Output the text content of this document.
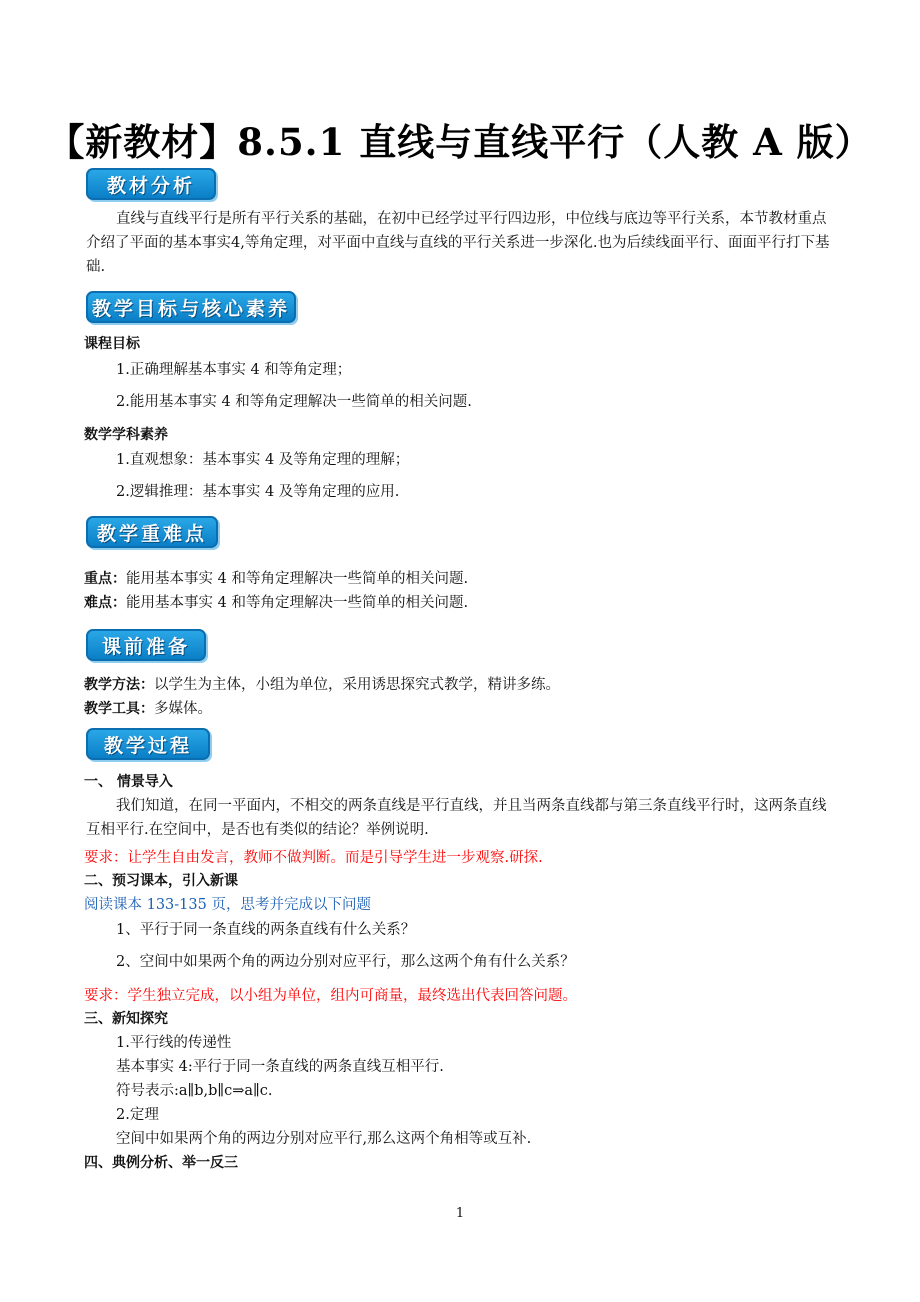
【新教材】8.5.1 直线与直线平行（人教 A 版）
教材分析
直线与直线平行是所有平行关系的基础，在初中已经学过平行四边形，中位线与底边等平行关系，本节教材重点介绍了平面的基本事实4,等角定理，对平面中直线与直线的平行关系进一步深化.也为后续线面平行、面面平行打下基础.
教学目标与核心素养
课程目标
1.正确理解基本事实 4 和等角定理；
2.能用基本事实 4 和等角定理解决一些简单的相关问题.
数学学科素养
1.直观想象：基本事实 4 及等角定理的理解；
2.逻辑推理：基本事实 4 及等角定理的应用.
教学重难点
重点：能用基本事实 4 和等角定理解决一些简单的相关问题.
难点：能用基本事实 4 和等角定理解决一些简单的相关问题.
课前准备
教学方法：以学生为主体，小组为单位，采用诱思探究式教学，精讲多练。
教学工具：多媒体。
教学过程
一、 情景导入
我们知道，在同一平面内，不相交的两条直线是平行直线，并且当两条直线都与第三条直线平行时，这两条直线互相平行.在空间中，是否也有类似的结论？举例说明.
要求：让学生自由发言，教师不做判断。而是引导学生进一步观察.研探.
二、预习课本，引入新课
阅读课本 133-135 页，思考并完成以下问题
1、平行于同一条直线的两条直线有什么关系？
2、空间中如果两个角的两边分别对应平行，那么这两个角有什么关系？
要求：学生独立完成，以小组为单位，组内可商量，最终选出代表回答问题。
三、新知探究
1.平行线的传递性
基本事实 4:平行于同一条直线的两条直线互相平行.
符号表示:a∥b,b∥c⇒a∥c.
2.定理
空间中如果两个角的两边分别对应平行,那么这两个角相等或互补.
四、典例分析、举一反三
1
